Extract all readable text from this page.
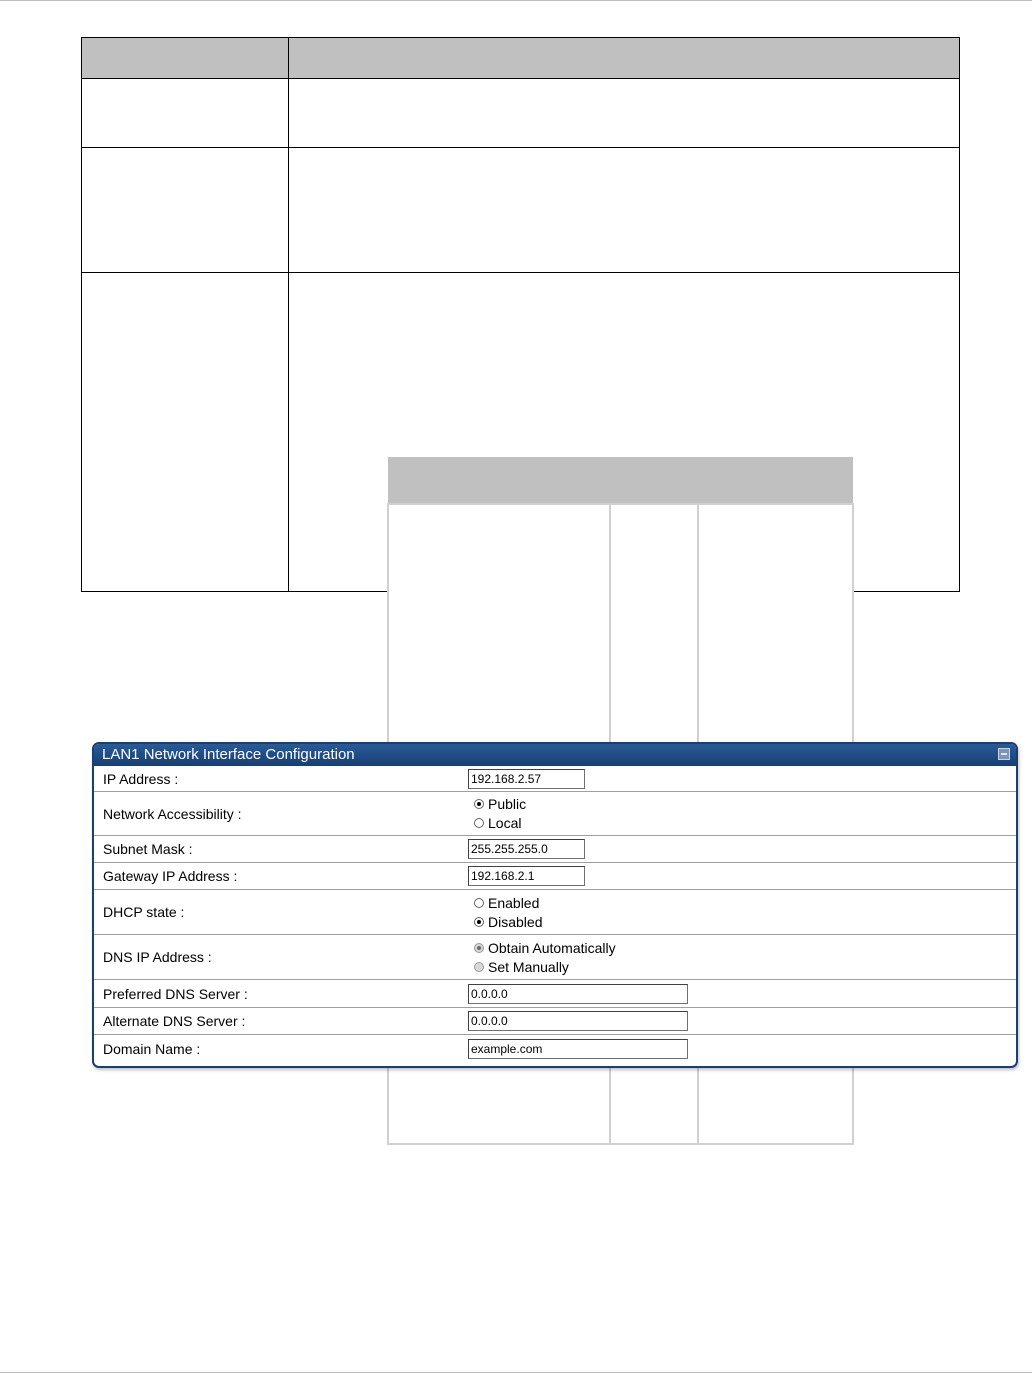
LAN1 Network Interface Configuration
IP Address :
192.168.2.57
Network Accessibility :
Public
Local
Subnet Mask :
255.255.255.0
Gateway IP Address :
192.168.2.1
DHCP state :
Enabled
Disabled
DNS IP Address :
Obtain Automatically
Set Manually
Preferred DNS Server :
0.0.0.0
Alternate DNS Server :
0.0.0.0
Domain Name :
example.com
